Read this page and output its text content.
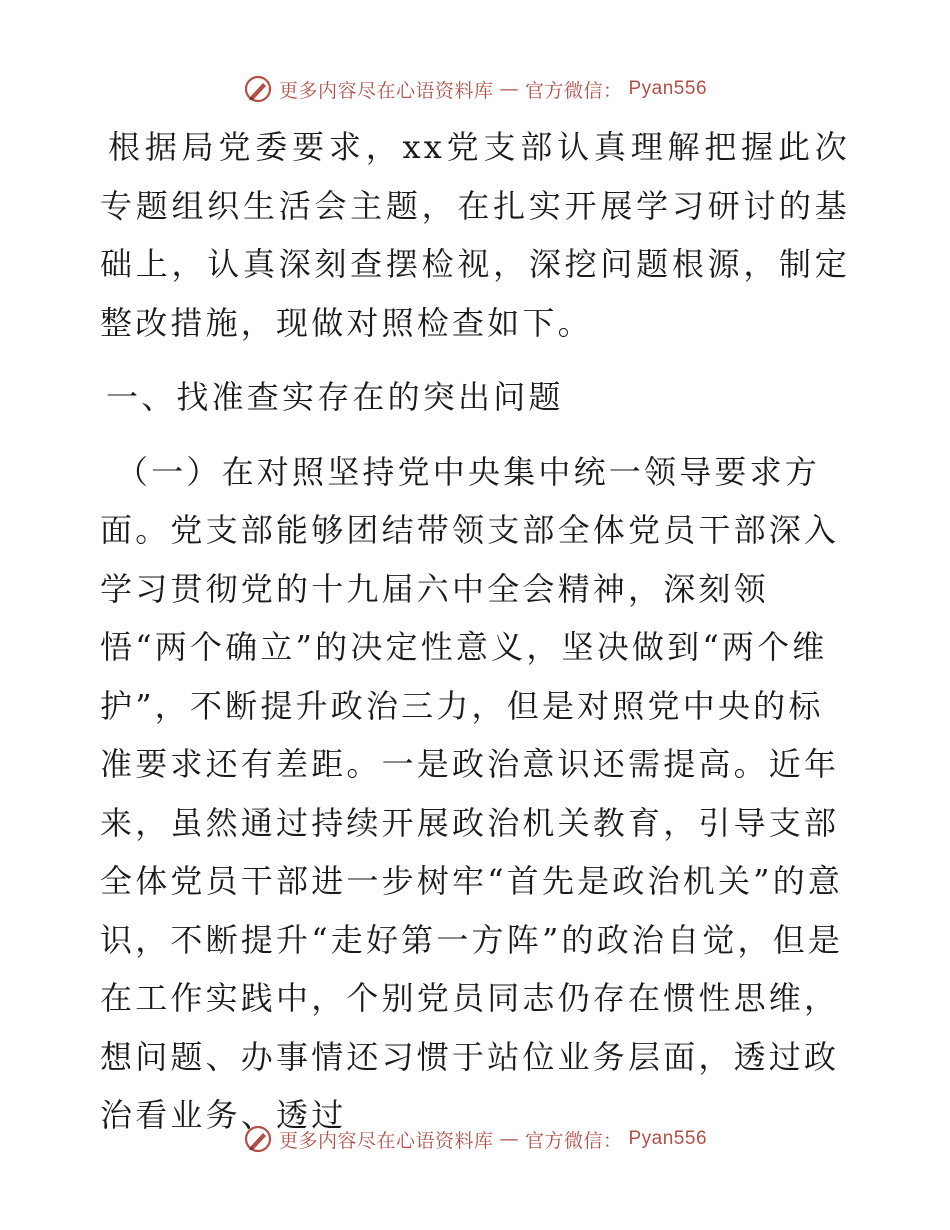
更多内容尽在心语资料库 — 官方微信： Pyan556

根据局党委要求，xx党支部认真理解把握此次专题组织生活会主题，在扎实开展学习研讨的基础上，认真深刻查摆检视，深挖问题根源，制定整改措施，现做对照检查如下。

一、找准查实存在的突出问题

（一）在对照坚持党中央集中统一领导要求方

面。党支部能够团结带领支部全体党员干部深入学习贯彻党的十九届六中全会精神，深刻领悟“两个确立”的决定性意义，坚决做到“两个维护”，不断提升政治三力，但是对照党中央的标准要求还有差距。一是政治意识还需提高。近年来，虽然通过持续开展政治机关教育，引导支部全体党员干部进一步树牢“首先是政治机关”的意识，不断提升“走好第一方阵”的政治自觉，但是在工作实践中，个别党员同志仍存在惯性思维，想问题、办事情还习惯于站位业务层面，透过政治看业务、透过

更多内容尽在心语资料库 — 官方微信： Pyan556
